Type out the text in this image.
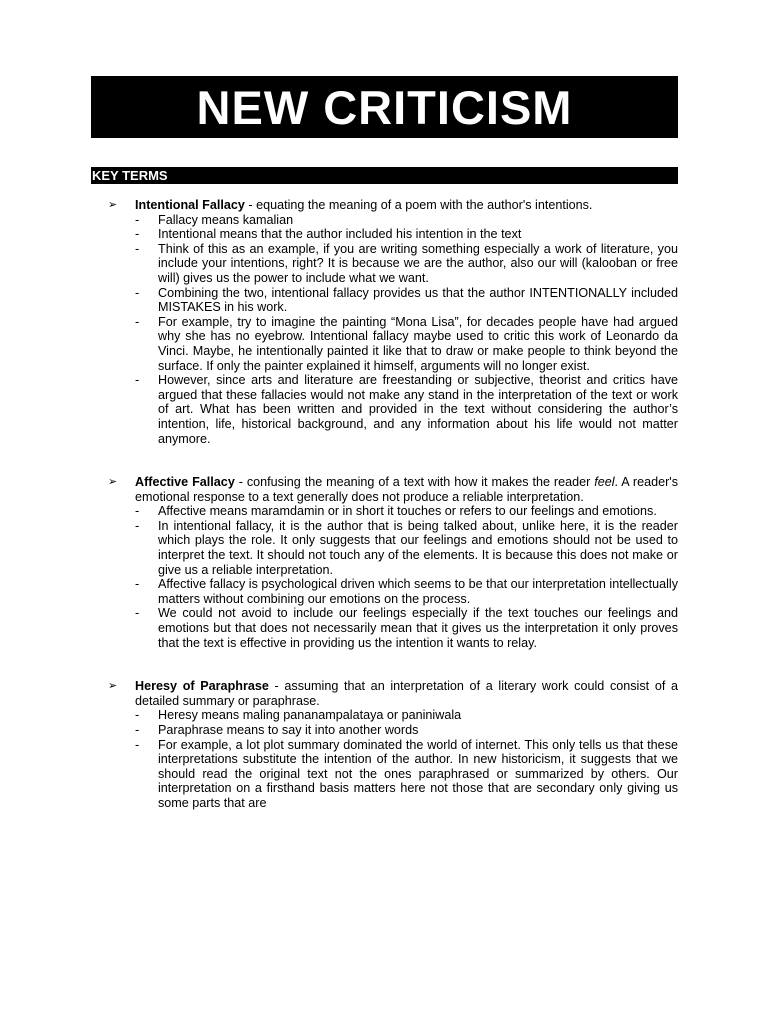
NEW CRITICISM
KEY TERMS
➢ Intentional Fallacy - equating the meaning of a poem with the author's intentions.

- Fallacy means kamalian
- Intentional means that the author included his intention in the text
- Think of this as an example, if you are writing something especially a work of literature, you include your intentions, right? It is because we are the author, also our will (kalooban or free will) gives us the power to include what we want.
- Combining the two, intentional fallacy provides us that the author INTENTIONALLY included MISTAKES in his work.
- For example, try to imagine the painting “Mona Lisa”, for decades people have had argued why she has no eyebrow. Intentional fallacy maybe used to critic this work of Leonardo da Vinci. Maybe, he intentionally painted it like that to draw or make people to think beyond the surface. If only the painter explained it himself, arguments will no longer exist.
- However, since arts and literature are freestanding or subjective, theorist and critics have argued that these fallacies would not make any stand in the interpretation of the text or work of art. What has been written and provided in the text without considering the author’s intention, life, historical background, and any information about his life would not matter anymore.
➢ Affective Fallacy - confusing the meaning of a text with how it makes the reader feel. A reader's emotional response to a text generally does not produce a reliable interpretation.

- Affective means maramdamin or in short it touches or refers to our feelings and emotions.
- In intentional fallacy, it is the author that is being talked about, unlike here, it is the reader which plays the role. It only suggests that our feelings and emotions should not be used to interpret the text. It should not touch any of the elements. It is because this does not make or give us a reliable interpretation.
- Affective fallacy is psychological driven which seems to be that our interpretation intellectually matters without combining our emotions on the process.
- We could not avoid to include our feelings especially if the text touches our feelings and emotions but that does not necessarily mean that it gives us the interpretation it only proves that the text is effective in providing us the intention it wants to relay.
➢ Heresy of Paraphrase - assuming that an interpretation of a literary work could consist of a detailed summary or paraphrase.

- Heresy means maling pananampalataya or paniniwala
- Paraphrase means to say it into another words
- For example, a lot plot summary dominated the world of internet. This only tells us that these interpretations substitute the intention of the author. In new historicism, it suggests that we should read the original text not the ones paraphrased or summarized by others. Our interpretation on a firsthand basis matters here not those that are secondary only giving us some parts that are
